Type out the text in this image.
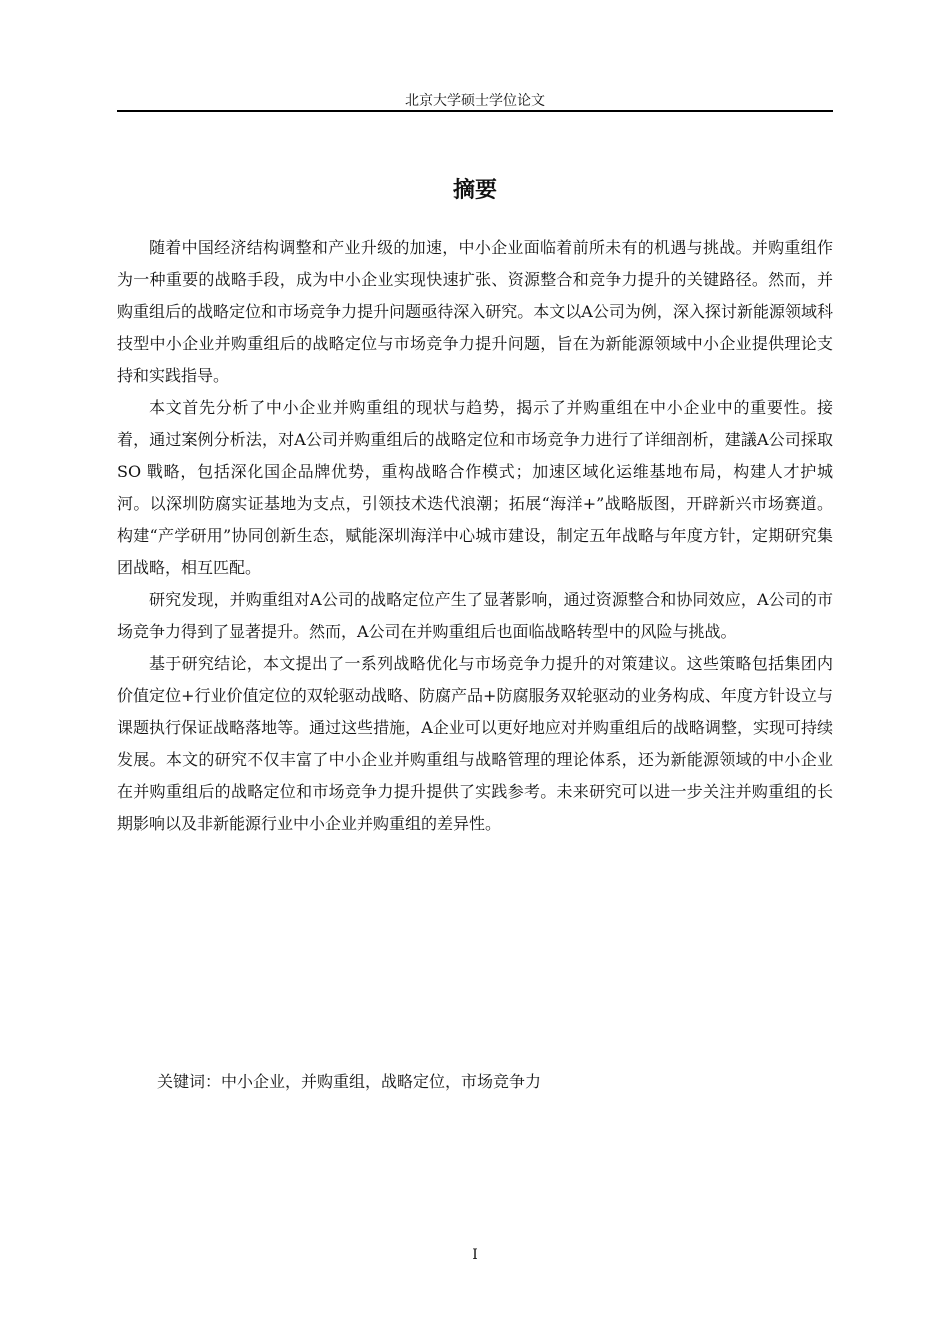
北京大学硕士学位论文
摘要

随着中国经济结构调整和产业升级的加速，中小企业面临着前所未有的机遇与挑战。并购重组作为一种重要的战略手段，成为中小企业实现快速扩张、资源整合和竞争力提升的关键路径。然而，并购重组后的战略定位和市场竞争力提升问题亟待深入研究。本文以A公司为例，深入探讨新能源领域科技型中小企业并购重组后的战略定位与市场竞争力提升问题，旨在为新能源领域中小企业提供理论支持和实践指导。

本文首先分析了中小企业并购重组的现状与趋势，揭示了并购重组在中小企业中的重要性。接着，通过案例分析法，对A公司并购重组后的战略定位和市场竞争力进行了详细剖析，建議A公司採取 SO 戰略，包括深化国企品牌优势，重构战略合作模式；加速区域化运维基地布局，构建人才护城河。以深圳防腐实证基地为支点，引领技术迭代浪潮；拓展“海洋+”战略版图，开辟新兴市场赛道。构建“产学研用”协同创新生态，赋能深圳海洋中心城市建设，制定五年战略与年度方针，定期研究集团战略，相互匹配。

研究发现，并购重组对A公司的战略定位产生了显著影响，通过资源整合和协同效应，A公司的市场竞争力得到了显著提升。然而，A公司在并购重组后也面临战略转型中的风险与挑战。

基于研究结论，本文提出了一系列战略优化与市场竞争力提升的对策建议。这些策略包括集团内价值定位+行业价值定位的双轮驱动战略、防腐产品+防腐服务双轮驱动的业务构成、年度方针设立与课题执行保证战略落地等。通过这些措施，A企业可以更好地应对并购重组后的战略调整，实现可持续发展。本文的研究不仅丰富了中小企业并购重组与战略管理的理论体系，还为新能源领域的中小企业在并购重组后的战略定位和市场竞争力提升提供了实践参考。未来研究可以进一步关注并购重组的长期影响以及非新能源行业中小企业并购重组的差异性。

关键词：中小企业，并购重组，战略定位，市场竞争力
I
